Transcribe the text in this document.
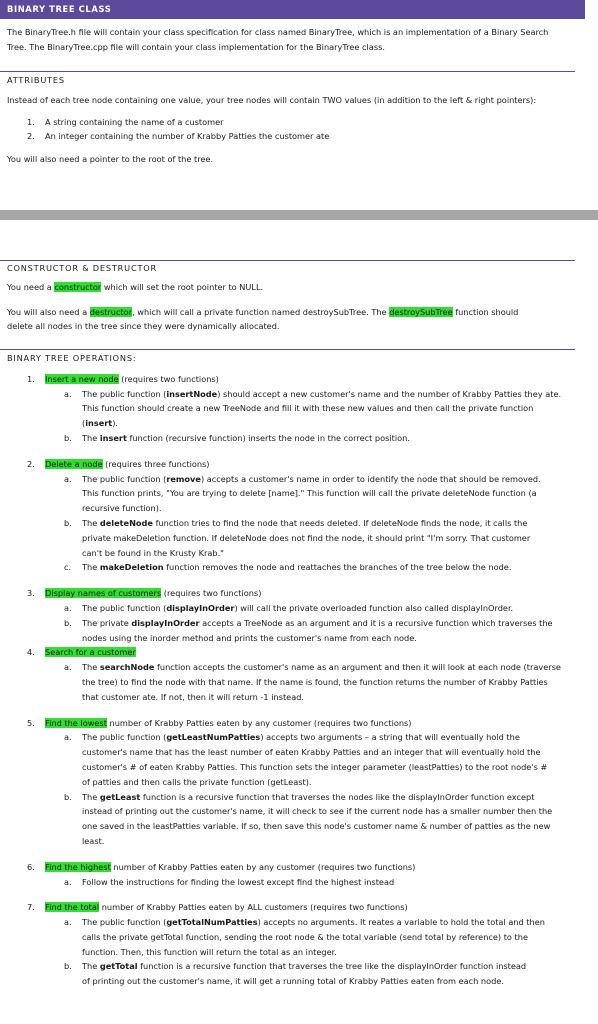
BINARY TREE CLASS

The BinaryTree.h file will contain your class specification for class named BinaryTree, which is an implementation of a Binary Search

Tree. The BinaryTree.cpp file will contain your class implementation for the BinaryTree class.

ATTRIBUTES

Instead of each tree node containing one value, your tree nodes will contain TWO values (in addition to the left & right pointers):

1. A string containing the name of a customer
2. An integer containing the number of Krabby Patties the customer ate

You will also need a pointer to the root of the tree.

CONSTRUCTOR & DESTRUCTOR

You need a constructor which will set the root pointer to NULL.

You will also need a destructor, which will call a private function named destroySubTree. The destroySubTree function should

delete all nodes in the tree since they were dynamically allocated.

BINARY TREE OPERATIONS:

1. Insert a new node (requires two functions)
a. The public function (insertNode) should accept a new customer's name and the number of Krabby Patties they ate.
This function should create a new TreeNode and fill it with these new values and then call the private function
(insert).
b. The insert function (recursive function) inserts the node in the correct position.
2. Delete a node (requires three functions)
a. The public function (remove) accepts a customer's name in order to identify the node that should be removed.
This function prints, "You are trying to delete [name]." This function will call the private deleteNode function (a
recursive function).
b. The deleteNode function tries to find the node that needs deleted. If deleteNode finds the node, it calls the
private makeDeletion function. If deleteNode does not find the node, it should print "I'm sorry. That customer
can't be found in the Krusty Krab."
c. The makeDeletion function removes the node and reattaches the branches of the tree below the node.
3. Display names of customers (requires two functions)
a. The public function (displayInOrder) will call the private overloaded function also called displayInOrder.
b. The private displayInOrder accepts a TreeNode as an argument and it is a recursive function which traverses the
nodes using the inorder method and prints the customer's name from each node.
4. Search for a customer
a. The searchNode function accepts the customer's name as an argument and then it will look at each node (traverse
the tree) to find the node with that name. If the name is found, the function returns the number of Krabby Patties
that customer ate. If not, then it will return -1 instead.
5. Find the lowest number of Krabby Patties eaten by any customer (requires two functions)
a. The public function (getLeastNumPatties) accepts two arguments – a string that will eventually hold the
customer's name that has the least number of eaten Krabby Patties and an integer that will eventually hold the
customer's # of eaten Krabby Patties. This function sets the integer parameter (leastPatties) to the root node's #
of patties and then calls the private function (getLeast).
b. The getLeast function is a recursive function that traverses the nodes like the displayInOrder function except
instead of printing out the customer's name, it will check to see if the current node has a smaller number then the
one saved in the leastPatties variable. If so, then save this node's customer name & number of patties as the new
least.
6. Find the highest number of Krabby Patties eaten by any customer (requires two functions)
a. Follow the instructions for finding the lowest except find the highest instead
7. Find the total number of Krabby Patties eaten by ALL customers (requires two functions)
a. The public function (getTotalNumPatties) accepts no arguments. It reates a variable to hold the total and then
calls the private getTotal function, sending the root node & the total variable (send total by reference) to the
function. Then, this function will return the total as an integer.
b. The getTotal function is a recursive function that traverses the tree like the displayInOrder function instead
of printing out the customer's name, it will get a running total of Krabby Patties eaten from each node.
